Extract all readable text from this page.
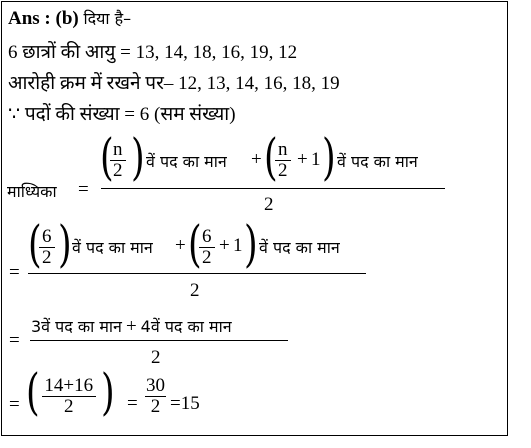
Ans : (b) दिया है–
6 छात्रों की आयु = 13, 14, 18, 16, 19, 12
आरोही क्रम में रखने पर– 12, 13, 14, 16, 18, 19
∵ पदों की संख्या = 6 (सम संख्या)
माध्यिका =
(
$\frac{n}{2}$ ) वें पद का मान + (
$\frac{n}{2} + 1$ ) वें पद का मान
2
= (
$\frac{6}{2}$ ) वें पद का मान + (
$\frac{6}{2} + 1$ ) वें पद का मान
2
=
3वें पद का मान + 4वें पद का मान
2
= ( $\frac{14+16}{2}$ ) = $\frac{30}{2} =15$
